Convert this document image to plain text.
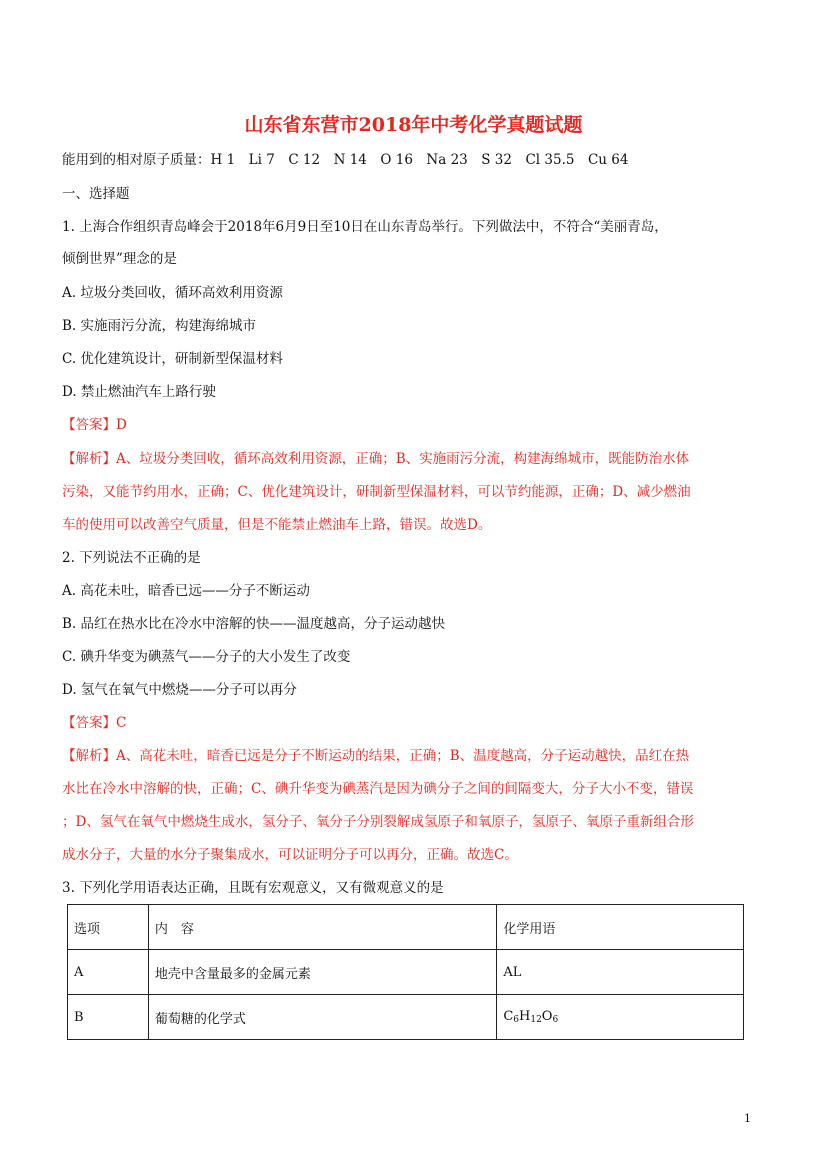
山东省东营市2018年中考化学真题试题
能用到的相对原子质量：H 1　Li 7　C 12　N 14　O 16　Na 23　S 32　Cl 35.5　Cu 64
一、选择题
1. 上海合作组织青岛峰会于2018年6月9日至10日在山东青岛举行。下列做法中，不符合“美丽青岛，
倾倒世界”理念的是
A. 垃圾分类回收，循环高效利用资源
B. 实施雨污分流，构建海绵城市
C. 优化建筑设计，研制新型保温材料
D. 禁止燃油汽车上路行驶
【答案】D
【解析】A、垃圾分类回收，循环高效利用资源，正确；B、实施雨污分流，构建海绵城市，既能防治水体
污染，又能节约用水，正确；C、优化建筑设计，研制新型保温材料，可以节约能源，正确；D、减少燃油
车的使用可以改善空气质量，但是不能禁止燃油车上路，错误。故选D。
2. 下列说法不正确的是
A. 高花未吐，暗香已远——分子不断运动
B. 品红在热水比在冷水中溶解的快——温度越高，分子运动越快
C. 碘升华变为碘蒸气——分子的大小发生了改变
D. 氢气在氧气中燃烧——分子可以再分
【答案】C
【解析】A、高花未吐，暗香已远是分子不断运动的结果，正确；B、温度越高，分子运动越快，品红在热
水比在冷水中溶解的快，正确；C、碘升华变为碘蒸汽是因为碘分子之间的间隔变大，分子大小不变，错误
；D、氢气在氧气中燃烧生成水，氢分子、氧分子分别裂解成氢原子和氧原子，氢原子、氧原子重新组合形
成水分子，大量的水分子聚集成水，可以证明分子可以再分，正确。故选C。
3. 下列化学用语表达正确，且既有宏观意义，又有微观意义的是
选项	内　容	化学用语
A	地壳中含量最多的金属元素	AL
B	葡萄糖的化学式	$C_6H_{12}O_6$
1
